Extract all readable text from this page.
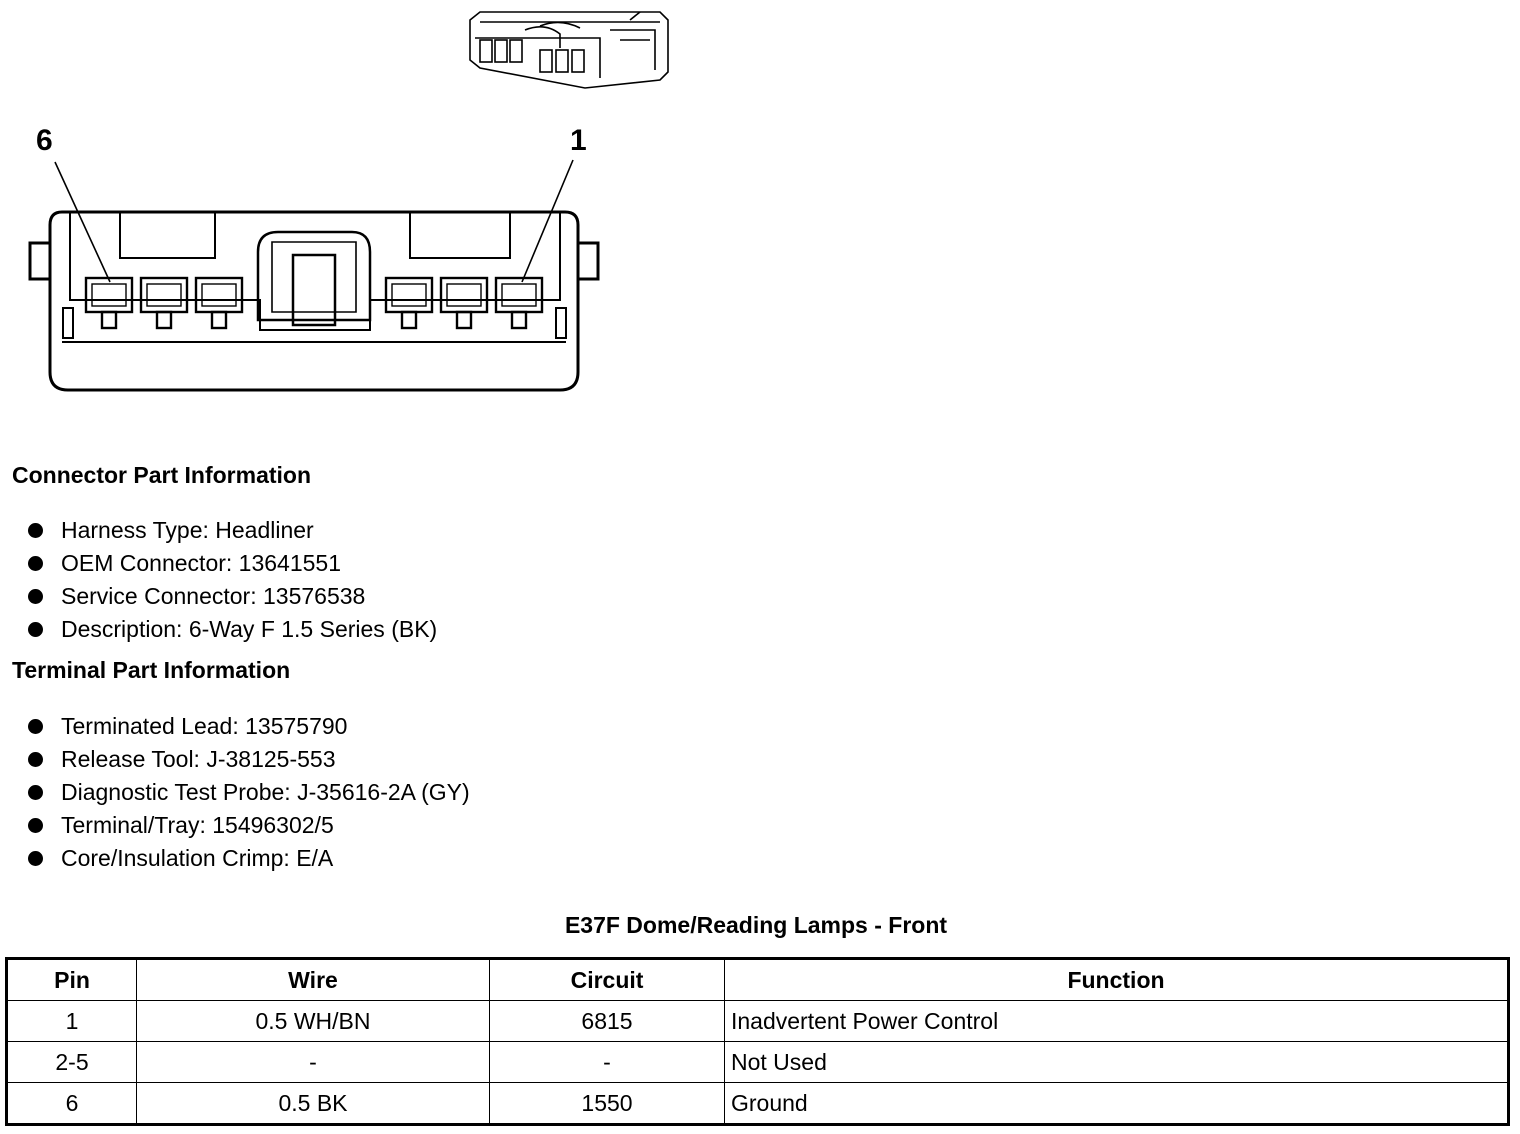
6	1
Connector Part Information
Harness Type: Headliner
OEM Connector: 13641551
Service Connector: 13576538
Description: 6-Way F 1.5 Series (BK)
Terminal Part Information
Terminated Lead: 13575790
Release Tool: J-38125-553
Diagnostic Test Probe: J-35616-2A (GY)
Terminal/Tray: 15496302/5
Core/Insulation Crimp: E/A
E37F Dome/Reading Lamps - Front
Pin	Wire	Circuit	Function
1	0.5 WH/BN	6815	Inadvertent Power Control
2-5	-	-	Not Used
6	0.5 BK	1550	Ground
